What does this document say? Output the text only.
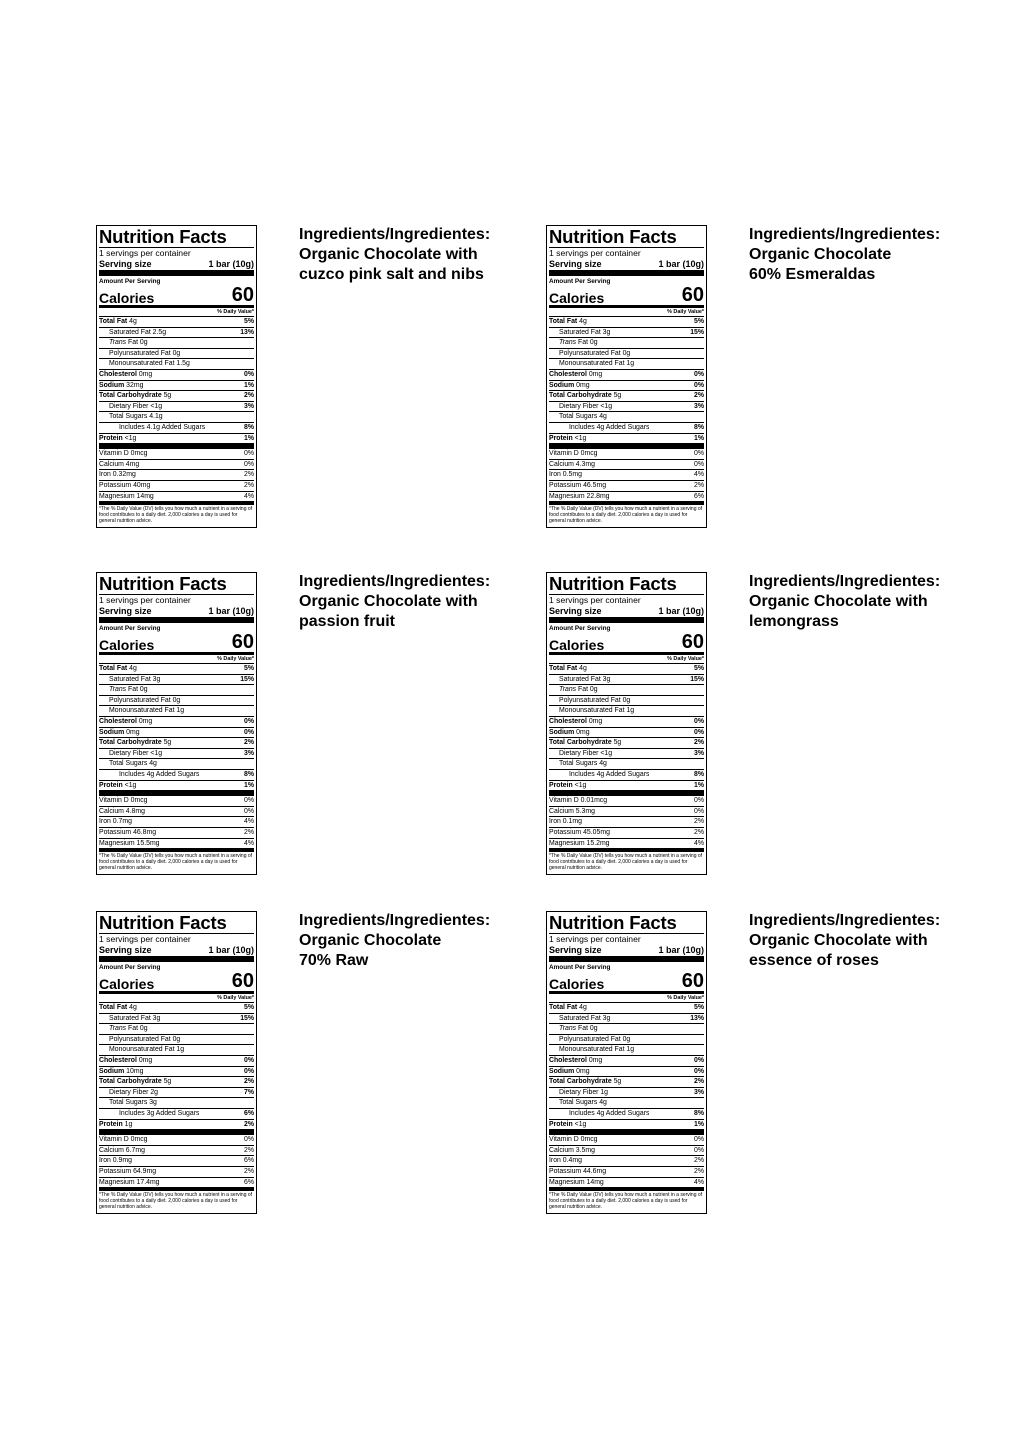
Nutrition Facts
1 servings per container
Serving size	1 bar (10g)
Amount Per Serving
Calories	60
% Daily Value*
Total Fat 4g	5%
Saturated Fat 2.5g	13%
Trans Fat 0g
Polyunsaturated Fat 0g
Monounsaturated Fat 1.5g
Cholesterol 0mg	0%
Sodium 32mg	1%
Total Carbohydrate 5g	2%
Dietary Fiber <1g	3%
Total Sugars 4.1g
Includes 4.1g Added Sugars	8%
Protein <1g	1%
Vitamin D 0mcg	0%
Calcium 4mg	0%
Iron 0.32mg	2%
Potassium 40mg	2%
Magnesium 14mg	4%
*The % Daily Value (DV) tells you how much a nutrient in a serving of food contributes to a daily diet. 2,000 calories a day is used for general nutrition advice.
Ingredients/Ingredientes:
Organic Chocolate with
cuzco pink salt and nibs
Nutrition Facts
1 servings per container
Serving size	1 bar (10g)
Amount Per Serving
Calories	60
% Daily Value*
Total Fat 4g	5%
Saturated Fat 3g	15%
Trans Fat 0g
Polyunsaturated Fat 0g
Monounsaturated Fat 1g
Cholesterol 0mg	0%
Sodium 0mg	0%
Total Carbohydrate 5g	2%
Dietary Fiber <1g	3%
Total Sugars 4g
Includes 4g Added Sugars	8%
Protein <1g	1%
Vitamin D 0mcg	0%
Calcium 4.3mg	0%
Iron 0.5mg	4%
Potassium 46.5mg	2%
Magnesium 22.8mg	6%
*The % Daily Value (DV) tells you how much a nutrient in a serving of food contributes to a daily diet. 2,000 calories a day is used for general nutrition advice.
Ingredients/Ingredientes:
Organic Chocolate
60% Esmeraldas
Nutrition Facts
1 servings per container
Serving size	1 bar (10g)
Amount Per Serving
Calories	60
% Daily Value*
Total Fat 4g	5%
Saturated Fat 3g	15%
Trans Fat 0g
Polyunsaturated Fat 0g
Monounsaturated Fat 1g
Cholesterol 0mg	0%
Sodium 0mg	0%
Total Carbohydrate 5g	2%
Dietary Fiber <1g	3%
Total Sugars 4g
Includes 4g Added Sugars	8%
Protein <1g	1%
Vitamin D 0mcg	0%
Calcium 4.8mg	0%
Iron 0.7mg	4%
Potassium 46.8mg	2%
Magnesium 15.5mg	4%
*The % Daily Value (DV) tells you how much a nutrient in a serving of food contributes to a daily diet. 2,000 calories a day is used for general nutrition advice.
Ingredients/Ingredientes:
Organic Chocolate with
passion fruit
Nutrition Facts
1 servings per container
Serving size	1 bar (10g)
Amount Per Serving
Calories	60
% Daily Value*
Total Fat 4g	5%
Saturated Fat 3g	15%
Trans Fat 0g
Polyunsaturated Fat 0g
Monounsaturated Fat 1g
Cholesterol 0mg	0%
Sodium 0mg	0%
Total Carbohydrate 5g	2%
Dietary Fiber <1g	3%
Total Sugars 4g
Includes 4g Added Sugars	8%
Protein <1g	1%
Vitamin D 0.01mcg	0%
Calcium 5.3mg	0%
Iron 0.1mg	2%
Potassium 45.05mg	2%
Magnesium 15.2mg	4%
*The % Daily Value (DV) tells you how much a nutrient in a serving of food contributes to a daily diet. 2,000 calories a day is used for general nutrition advice.
Ingredients/Ingredientes:
Organic Chocolate with
lemongrass
Nutrition Facts
1 servings per container
Serving size	1 bar (10g)
Amount Per Serving
Calories	60
% Daily Value*
Total Fat 4g	5%
Saturated Fat 3g	15%
Trans Fat 0g
Polyunsaturated Fat 0g
Monounsaturated Fat 1g
Cholesterol 0mg	0%
Sodium 10mg	0%
Total Carbohydrate 5g	2%
Dietary Fiber 2g	7%
Total Sugars 3g
Includes 3g Added Sugars	6%
Protein 1g	2%
Vitamin D 0mcg	0%
Calcium 6.7mg	2%
Iron 0.9mg	6%
Potassium 64.9mg	2%
Magnesium 17.4mg	6%
*The % Daily Value (DV) tells you how much a nutrient in a serving of food contributes to a daily diet. 2,000 calories a day is used for general nutrition advice.
Ingredients/Ingredientes:
Organic Chocolate
70% Raw
Nutrition Facts
1 servings per container
Serving size	1 bar (10g)
Amount Per Serving
Calories	60
% Daily Value*
Total Fat 4g	5%
Saturated Fat 3g	13%
Trans Fat 0g
Polyunsaturated Fat 0g
Monounsaturated Fat 1g
Cholesterol 0mg	0%
Sodium 0mg	0%
Total Carbohydrate 5g	2%
Dietary Fiber 1g	3%
Total Sugars 4g
Includes 4g Added Sugars	8%
Protein <1g	1%
Vitamin D 0mcg	0%
Calcium 3.5mg	0%
Iron 0.4mg	2%
Potassium 44.6mg	2%
Magnesium 14mg	4%
*The % Daily Value (DV) tells you how much a nutrient in a serving of food contributes to a daily diet. 2,000 calories a day is used for general nutrition advice.
Ingredients/Ingredientes:
Organic Chocolate with
essence of roses
